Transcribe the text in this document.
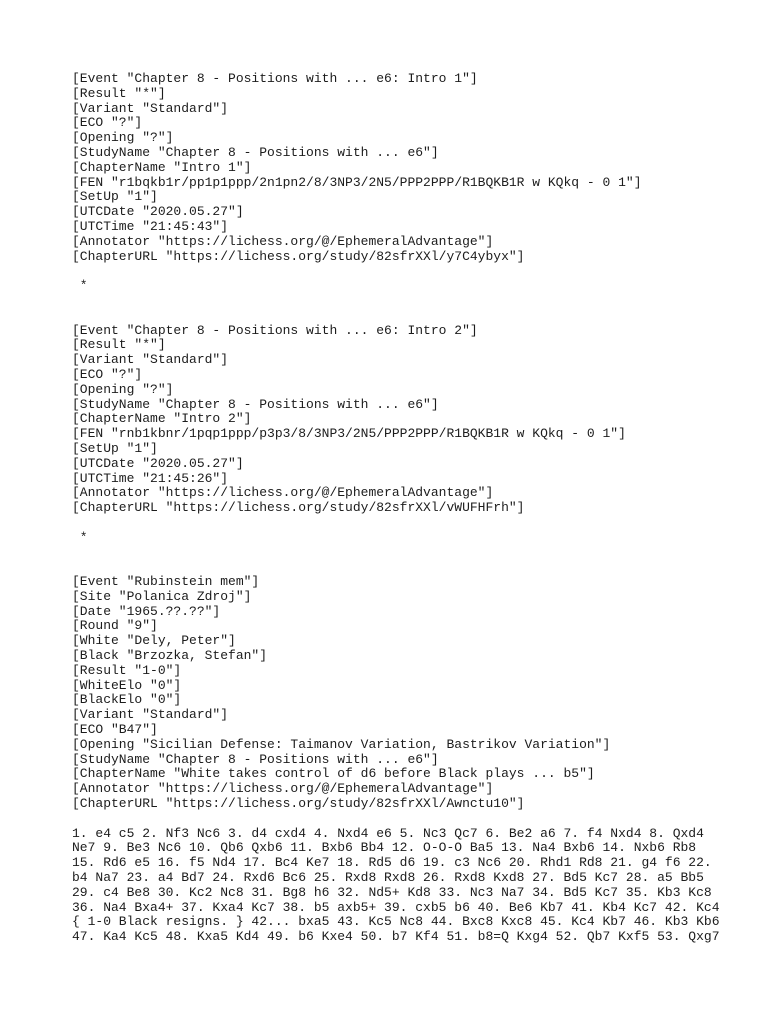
[Event "Chapter 8 - Positions with ... e6: Intro 1"]
[Result "*"]
[Variant "Standard"]
[ECO "?"]
[Opening "?"]
[StudyName "Chapter 8 - Positions with ... e6"]
[ChapterName "Intro 1"]
[FEN "r1bqkb1r/pp1p1ppp/2n1pn2/8/3NP3/2N5/PPP2PPP/R1BQKB1R w KQkq - 0 1"]
[SetUp "1"]
[UTCDate "2020.05.27"]
[UTCTime "21:45:43"]
[Annotator "https://lichess.org/@/EphemeralAdvantage"]
[ChapterURL "https://lichess.org/study/82sfrXXl/y7C4ybyx"]
*
[Event "Chapter 8 - Positions with ... e6: Intro 2"]
[Result "*"]
[Variant "Standard"]
[ECO "?"]
[Opening "?"]
[StudyName "Chapter 8 - Positions with ... e6"]
[ChapterName "Intro 2"]
[FEN "rnb1kbnr/1pqp1ppp/p3p3/8/3NP3/2N5/PPP2PPP/R1BQKB1R w KQkq - 0 1"]
[SetUp "1"]
[UTCDate "2020.05.27"]
[UTCTime "21:45:26"]
[Annotator "https://lichess.org/@/EphemeralAdvantage"]
[ChapterURL "https://lichess.org/study/82sfrXXl/vWUFHFrh"]
*
[Event "Rubinstein mem"]
[Site "Polanica Zdroj"]
[Date "1965.??.??"]
[Round "9"]
[White "Dely, Peter"]
[Black "Brzozka, Stefan"]
[Result "1-0"]
[WhiteElo "0"]
[BlackElo "0"]
[Variant "Standard"]
[ECO "B47"]
[Opening "Sicilian Defense: Taimanov Variation, Bastrikov Variation"]
[StudyName "Chapter 8 - Positions with ... e6"]
[ChapterName "White takes control of d6 before Black plays ... b5"]
[Annotator "https://lichess.org/@/EphemeralAdvantage"]
[ChapterURL "https://lichess.org/study/82sfrXXl/Awnctu10"]
1. e4 c5 2. Nf3 Nc6 3. d4 cxd4 4. Nxd4 e6 5. Nc3 Qc7 6. Be2 a6 7. f4 Nxd4 8. Qxd4
Ne7 9. Be3 Nc6 10. Qb6 Qxb6 11. Bxb6 Bb4 12. O-O-O Ba5 13. Na4 Bxb6 14. Nxb6 Rb8
15. Rd6 e5 16. f5 Nd4 17. Bc4 Ke7 18. Rd5 d6 19. c3 Nc6 20. Rhd1 Rd8 21. g4 f6 22.
b4 Na7 23. a4 Bd7 24. Rxd6 Bc6 25. Rxd8 Rxd8 26. Rxd8 Kxd8 27. Bd5 Kc7 28. a5 Bb5
29. c4 Be8 30. Kc2 Nc8 31. Bg8 h6 32. Nd5+ Kd8 33. Nc3 Na7 34. Bd5 Kc7 35. Kb3 Kc8
36. Na4 Bxa4+ 37. Kxa4 Kc7 38. b5 axb5+ 39. cxb5 b6 40. Be6 Kb7 41. Kb4 Kc7 42. Kc4
{ 1-0 Black resigns. } 42... bxa5 43. Kc5 Nc8 44. Bxc8 Kxc8 45. Kc4 Kb7 46. Kb3 Kb6
47. Ka4 Kc5 48. Kxa5 Kd4 49. b6 Kxe4 50. b7 Kf4 51. b8=Q Kxg4 52. Qb7 Kxf5 53. Qxg7
